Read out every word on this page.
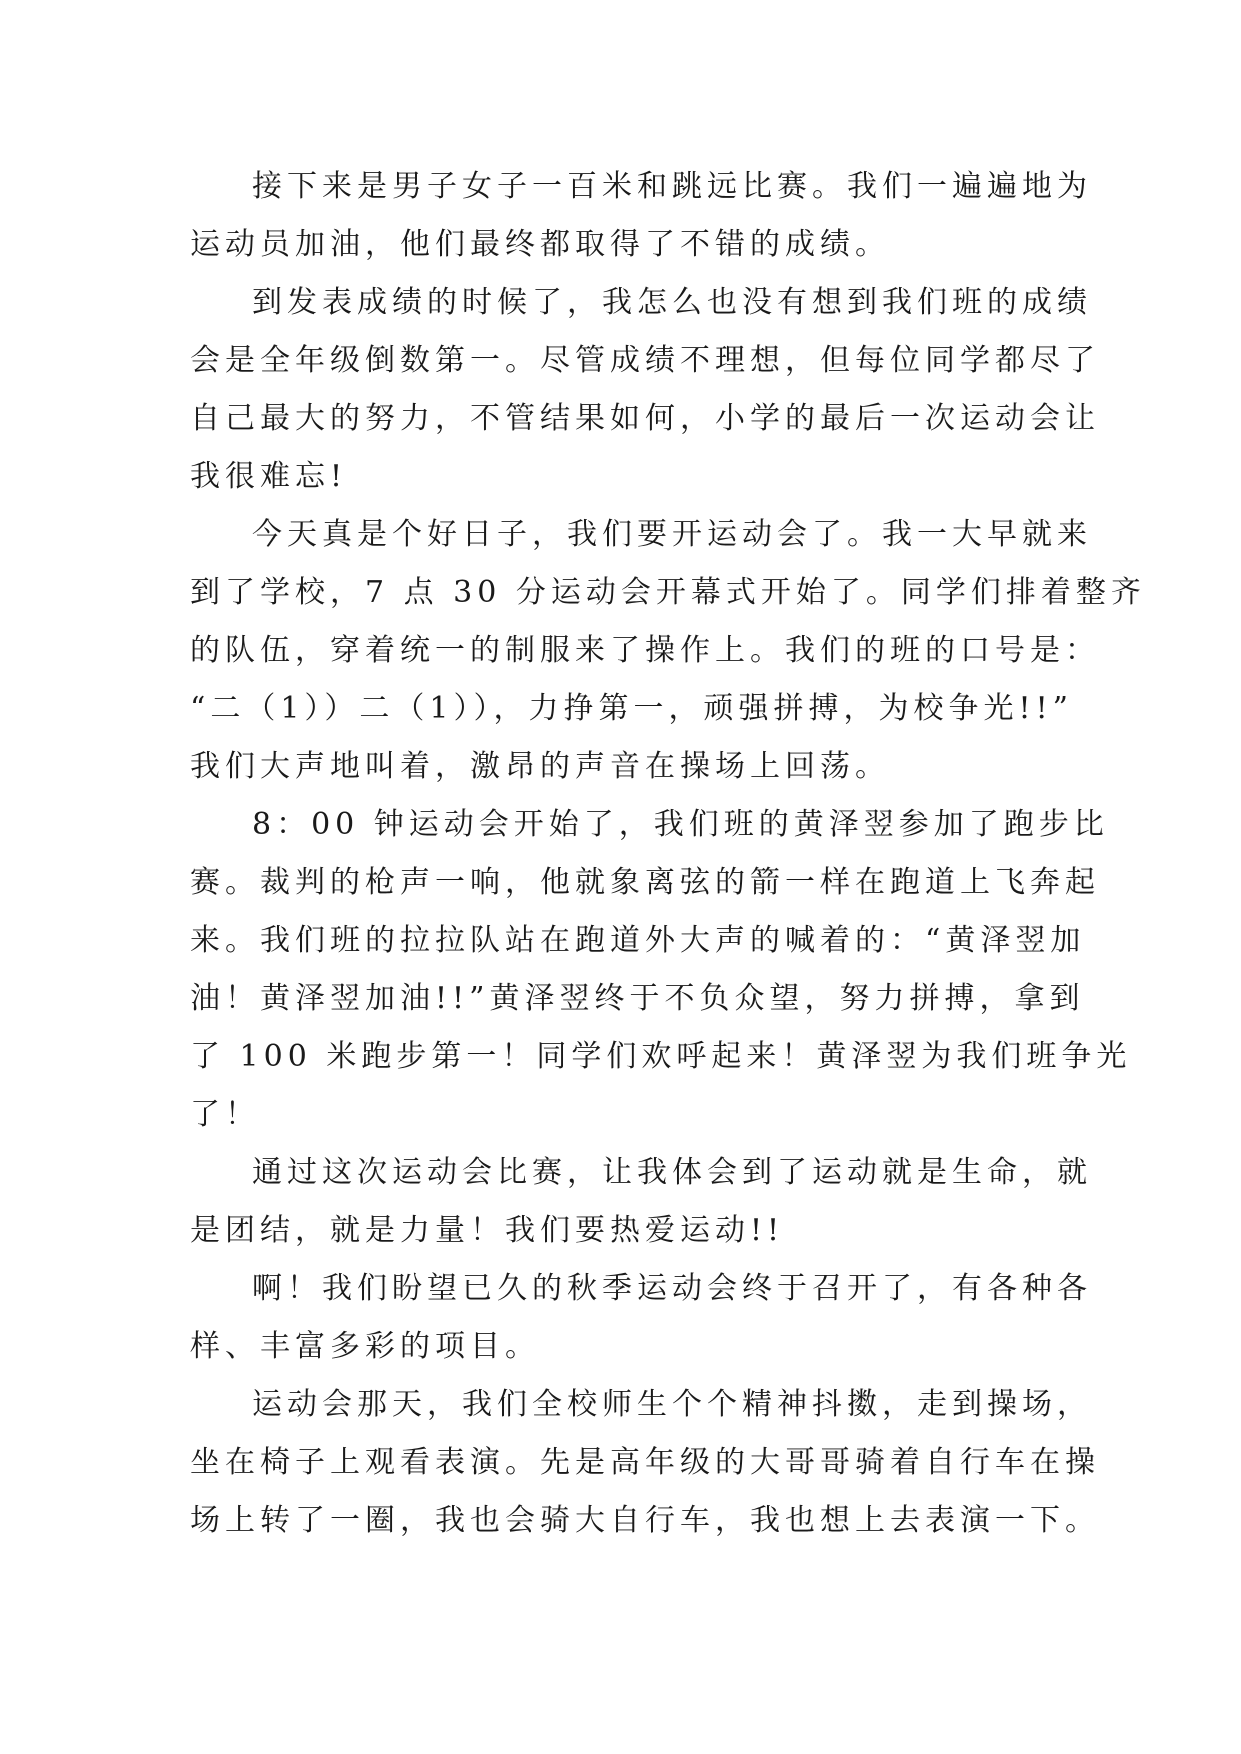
接下来是男子女子一百米和跳远比赛。我们一遍遍地为
运动员加油，他们最终都取得了不错的成绩。
到发表成绩的时候了，我怎么也没有想到我们班的成绩
会是全年级倒数第一。尽管成绩不理想，但每位同学都尽了
自己最大的努力，不管结果如何，小学的最后一次运动会让
我很难忘!
今天真是个好日子，我们要开运动会了。我一大早就来
到了学校，7 点 30 分运动会开幕式开始了。同学们排着整齐
的队伍，穿着统一的制服来了操作上。我们的班的口号是：
“二（1））二（1）），力挣第一，顽强拼搏，为校争光!!”
我们大声地叫着，激昂的声音在操场上回荡。
8：00 钟运动会开始了，我们班的黄泽翌参加了跑步比
赛。裁判的枪声一响，他就象离弦的箭一样在跑道上飞奔起
来。我们班的拉拉队站在跑道外大声的喊着的：“黄泽翌加
油！黄泽翌加油!!”黄泽翌终于不负众望，努力拼搏，拿到
了 100 米跑步第一！同学们欢呼起来！黄泽翌为我们班争光
了！
通过这次运动会比赛，让我体会到了运动就是生命，就
是团结，就是力量！我们要热爱运动!!
啊！我们盼望已久的秋季运动会终于召开了，有各种各
样、丰富多彩的项目。
运动会那天，我们全校师生个个精神抖擞，走到操场，
坐在椅子上观看表演。先是高年级的大哥哥骑着自行车在操
场上转了一圈，我也会骑大自行车，我也想上去表演一下。
